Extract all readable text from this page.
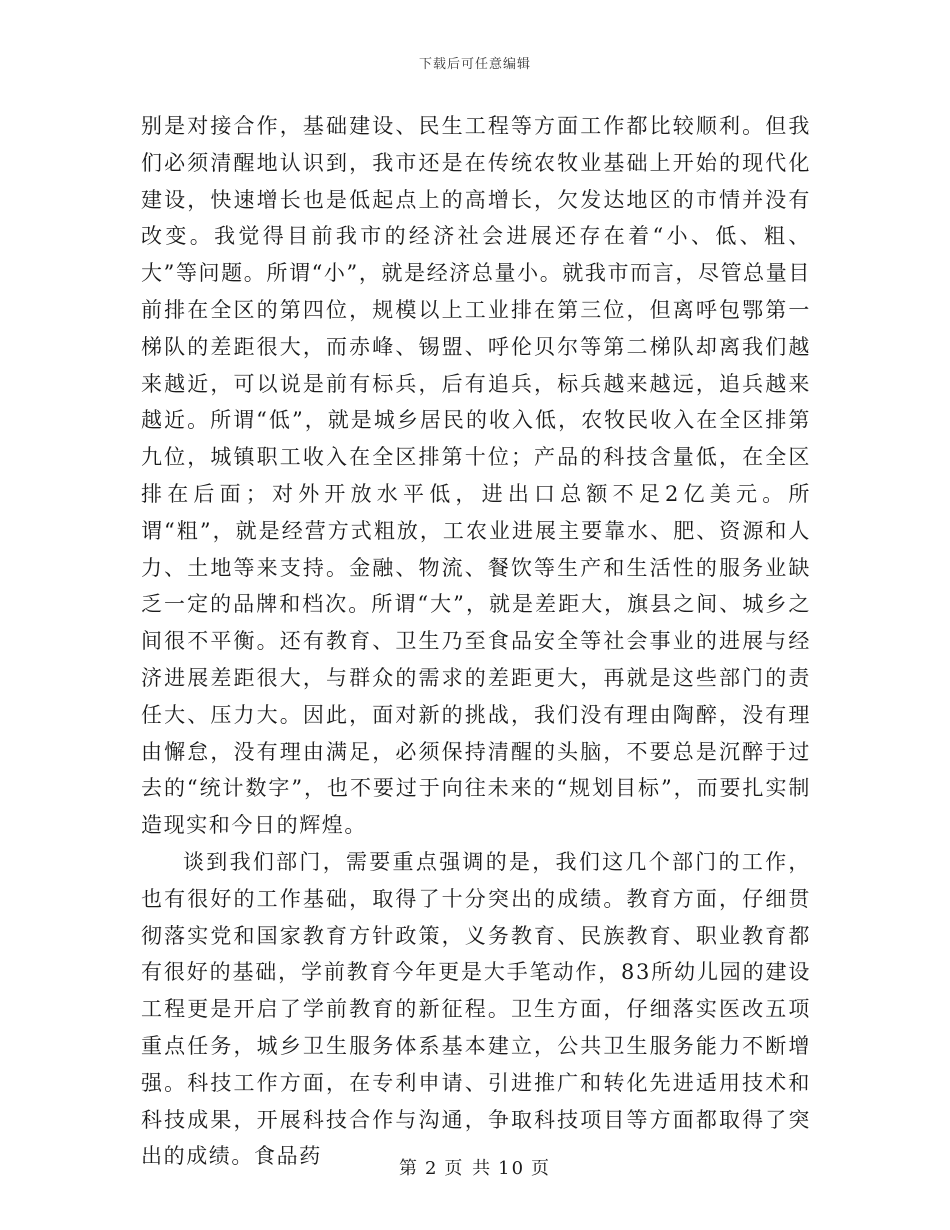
下载后可任意编辑

别是对接合作，基础建设、民生工程等方面工作都比较顺利。但我们必须清醒地认识到，我市还是在传统农牧业基础上开始的现代化建设，快速增长也是低起点上的高增长，欠发达地区的市情并没有改变。我觉得目前我市的经济社会进展还存在着“小、低、粗、大”等问题。所谓“小”，就是经济总量小。就我市而言，尽管总量目前排在全区的第四位，规模以上工业排在第三位，但离呼包鄂第一梯队的差距很大，而赤峰、锡盟、呼伦贝尔等第二梯队却离我们越来越近，可以说是前有标兵，后有追兵，标兵越来越远，追兵越来越近。所谓“低”，就是城乡居民的收入低，农牧民收入在全区排第九位，城镇职工收入在全区排第十位；产品的科技含量低，在全区排在后面；对外开放水平低，进出口总额不足2亿美元。所谓“粗”，就是经营方式粗放，工农业进展主要靠水、肥、资源和人力、土地等来支持。金融、物流、餐饮等生产和生活性的服务业缺乏一定的品牌和档次。所谓“大”，就是差距大，旗县之间、城乡之间很不平衡。还有教育、卫生乃至食品安全等社会事业的进展与经济进展差距很大，与群众的需求的差距更大，再就是这些部门的责任大、压力大。因此，面对新的挑战，我们没有理由陶醉，没有理由懈怠，没有理由满足，必须保持清醒的头脑，不要总是沉醉于过去的“统计数字”，也不要过于向往未来的“规划目标”，而要扎实制造现实和今日的辉煌。

谈到我们部门，需要重点强调的是，我们这几个部门的工作，也有很好的工作基础，取得了十分突出的成绩。教育方面，仔细贯彻落实党和国家教育方针政策，义务教育、民族教育、职业教育都有很好的基础，学前教育今年更是大手笔动作，83所幼儿园的建设工程更是开启了学前教育的新征程。卫生方面，仔细落实医改五项重点任务，城乡卫生服务体系基本建立，公共卫生服务能力不断增强。科技工作方面，在专利申请、引进推广和转化先进适用技术和科技成果，开展科技合作与沟通，争取科技项目等方面都取得了突出的成绩。食品药

第 2 页 共 10 页
